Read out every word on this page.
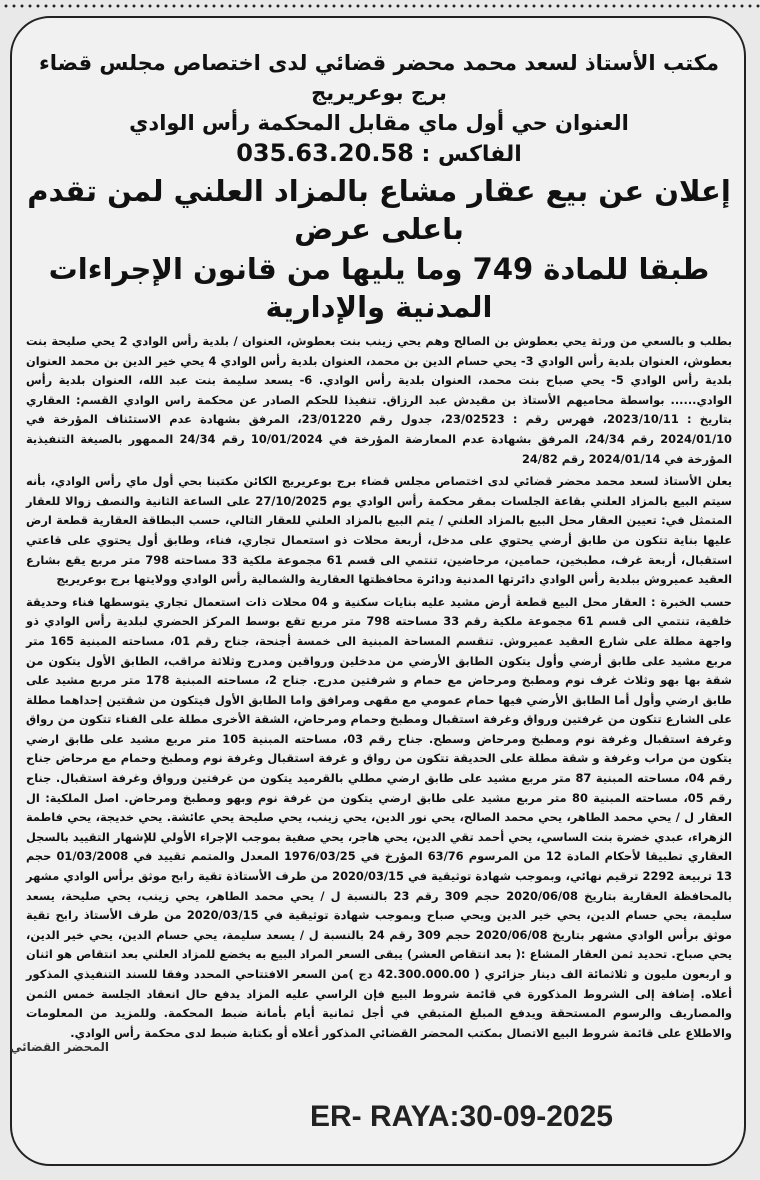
مكتب الأستاذ لسعد محمد محضر قضائي لدى اختصاص مجلس قضاء برج بوعريريج
العنوان حي أول ماي مقابل المحكمة رأس الوادي
الفاكس : 035.63.20.58
إعلان عن بيع عقار مشاع بالمزاد العلني لمن تقدم باعلى عرض
طبقا للمادة 749 وما يليها من قانون الإجراءات المدنية والإدارية

بطلب و بالسعي من ورثة يحي بعطوش بن الصالح وهم يحي زينب بنت بعطوش، العنوان / بلدية رأس الوادي 2 يحي صليحة بنت بعطوش، العنوان بلدية رأس الوادي 3- يحي حسام الدين بن محمد، العنوان بلدية رأس الوادي 4 يحي خير الدين بن محمد العنوان بلدية رأس الوادي 5- يحي صباح بنت محمد، العنوان بلدية رأس الوادي. 6- يسعد سليمة بنت عبد الله، العنوان بلدية رأس الوادي...... بواسطة محاميهم الأستاذ بن مقيدش عبد الرزاق. تنفيذا للحكم الصادر عن محكمة راس الوادي القسم: العقاري بتاريخ : 2023/10/11، فهرس رقم : 23/02523، جدول رقم 23/01220، المرفق بشهادة عدم الاستئناف المؤرخة في 2024/01/10 رقم 24/34، المرفق بشهادة عدم المعارضة المؤرخة في 10/01/2024 رقم 24/34 الممهور بالصيغة التنفيذية المؤرخة في 2024/01/14 رقم 24/82

يعلن الأستاذ لسعد محمد محضر قضائي لدى اختصاص مجلس قضاء برج بوعريريج الكائن مكتبنا بحي أول ماي رأس الوادي، بأنه سيتم البيع بالمزاد العلني بقاعة الجلسات بمقر محكمة رأس الوادي يوم 27/10/2025 على الساعة الثانية والنصف زوالا للعقار المتمثل في: تعيين العقار محل البيع بالمزاد العلني / يتم البيع بالمزاد العلني للعقار التالي، حسب البطاقة العقارية قطعة ارض عليها بناية تتكون من طابق أرضي يحتوي على مدخل، أربعة محلات ذو استعمال تجاري، فناء، وطابق أول يحتوي على قاعتي استقبال، أربعة غرف، مطبخين، حمامين، مرحاضين، تنتمي الى قسم 61 مجموعة ملكية 33 مساحته 798 متر مربع يقع بشارع العقيد عميروش ببلدية رأس الوادي دائرتها المدنية ودائرة محافظتها العقارية والشمالية رأس الوادي وولايتها برج بوعريريج

حسب الخبرة : العقار محل البيع قطعة أرض مشيد عليه بنايات سكنية و 04 محلات ذات استعمال تجاري يتوسطها فناء وحديقة خلفية، تنتمي الى قسم 61 مجموعة ملكية رقم 33 مساحته 798 متر مربع تقع بوسط المركز الحضري لبلدية رأس الوادي ذو واجهة مطلة على شارع العقيد عميروش. تنقسم المساحة المبنية الى خمسة أجنحة، جناح رقم 01، مساحته المبنية 165 متر مربع مشيد على طابق أرضي وأول يتكون الطابق الأرضي من مدخلين ورواقين ومدرج وثلاثة مراقب، الطابق الأول يتكون من شقة بها بهو وثلاث غرف نوم ومطبخ ومرحاض مع حمام و شرفتين مدرج. جناح 2، مساحته المبنية 178 متر مربع مشيد على طابق ارضي وأول أما الطابق الأرضي فيها حمام عمومي مع مقهى ومرافق واما الطابق الأول فيتكون من شقتين إحداهما مطلة على الشارع تتكون من غرفتين ورواق وغرفة استقبال ومطبخ وحمام ومرحاض، الشقة الأخرى مطلة على الفناء تتكون من رواق وغرفة استقبال وغرفة نوم ومطبخ ومرحاض وسطح. جناح رقم 03، مساحته المبنية 105 متر مربع مشيد على طابق ارضي يتكون من مراب وغرفة و شقة مطلة على الحديقة تتكون من رواق و غرفة استقبال وغرفة نوم ومطبخ وحمام مع مرحاض جناح رقم 04، مساحته المبنية 87 متر مربع مشيد على طابق ارضي مطلي بالقرميد يتكون من غرفتين ورواق وغرفة استقبال. جناح رقم 05، مساحته المبنية 80 متر مربع مشيد على طابق ارضي يتكون من غرفة نوم وبهو ومطبخ ومرحاض. اصل الملكية: ال العقار ل / يحي محمد الطاهر، يحي محمد الصالح، يحي نور الدين، يحي زينب، يحي صليحة يحي عائشة. يحي خديجة، يحي فاطمة الزهراء، عبدي خضرة بنت الساسي، يحي أحمد تقي الدين، يحي هاجر، يحي صفية بموجب الإجراء الأولي للإشهار التقييد بالسجل العقاري تطبيقا لأحكام المادة 12 من المرسوم 63/76 المؤرخ في 1976/03/25 المعدل والمتمم تقييد في 01/03/2008 حجم 13 تربيعة 2292 ترقيم نهائي، وبموجب شهادة توثيقية في 2020/03/15 من طرف الأستاذة تقية رابح موثق برأس الوادي مشهر بالمحافظة العقارية بتاريخ 2020/06/08 حجم 309 رقم 23 بالنسبة ل / يحي محمد الطاهر، يحي زينب، يحي صليحة، يسعد سليمة، يحي حسام الدين، يحي خير الدين ويحي صباح وبموجب شهادة توثيقية في 2020/03/15 من طرف الأستاذ رابح تقية موثق برأس الوادي مشهر بتاريخ 2020/06/08 حجم 309 رقم 24 بالنسبة ل / يسعد سليمة، يحي حسام الدين، يحي خير الدين، يحي صباح. تحديد ثمن العقار المشاع :( بعد انتقاص العشر) يبقى السعر المراد البيع به يخضع للمزاد العلني بعد انتقاص هو اثنان و اربعون مليون و ثلاثمائة الف دينار جزائري ( 42.300.000.00 دج )من السعر الافتتاحي المحدد وفقا للسند التنفيذي المذكور أعلاه. إضافة إلى الشروط المذكورة في قائمة شروط البيع فإن الراسي عليه المزاد يدفع حال انعقاد الجلسة خمس الثمن والمصاريف والرسوم المستحقة ويدفع المبلغ المتبقي في أجل ثمانية أيام بأمانة ضبط المحكمة. وللمزيد من المعلومات والاطلاع على قائمة شروط البيع الاتصال بمكتب المحضر القضائي المذكور أعلاه أو بكتابة ضبط لدى محكمة رأس الوادي.

المحضر القضائي
ER- RAYA:30-09-2025
